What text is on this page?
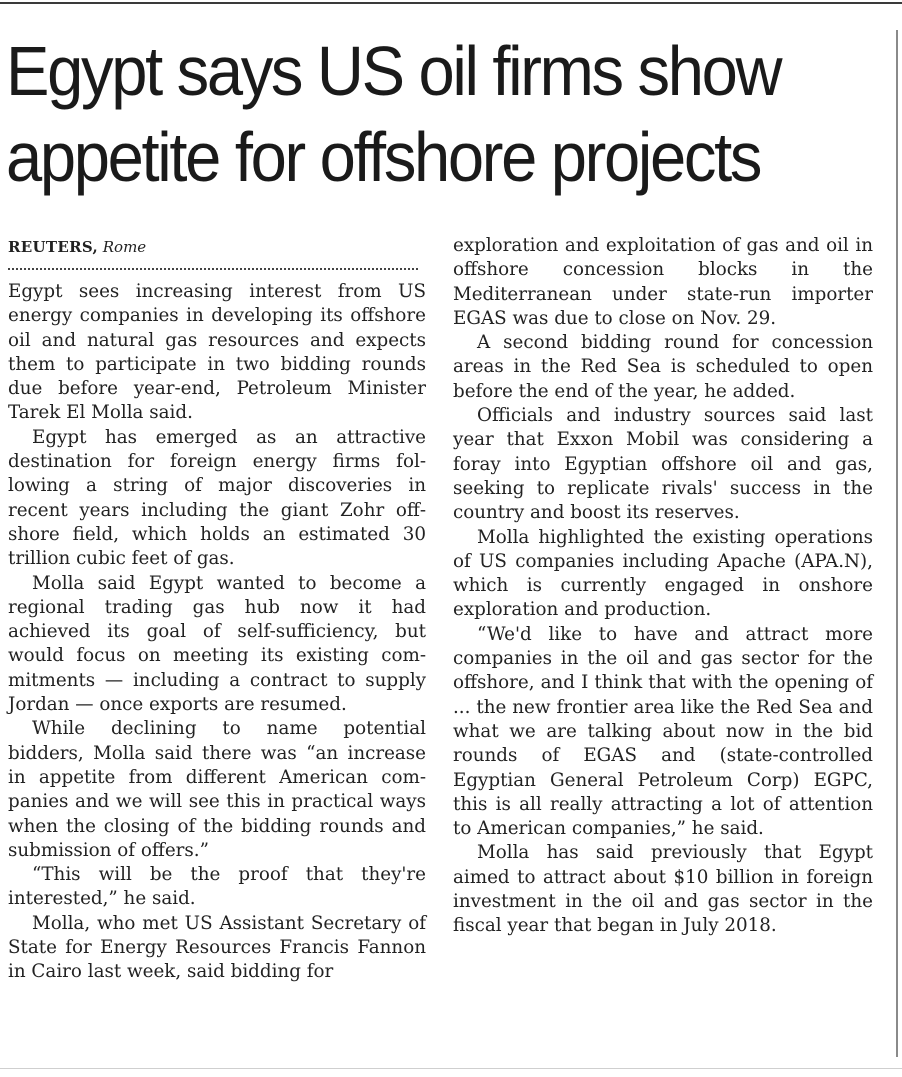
Egypt says US oil firms show
appetite for offshore projects

REUTERS, Rome

Egypt sees increasing interest from US energy companies in developing its offshore oil and natural gas resources and expects them to participate in two bidding rounds due before year-end, Petroleum Minister Tarek El Molla said.

Egypt has emerged as an attractive destination for foreign energy firms following a string of major discoveries in recent years including the giant Zohr offshore field, which holds an estimated 30 trillion cubic feet of gas.

Molla said Egypt wanted to become a regional trading gas hub now it had achieved its goal of self-sufficiency, but would focus on meeting its existing commitments — including a contract to supply Jordan — once exports are resumed.

While declining to name potential bidders, Molla said there was “an increase in appetite from different American companies and we will see this in practical ways when the closing of the bidding rounds and submission of offers.”

“This will be the proof that they're interested,” he said.

Molla, who met US Assistant Secretary of State for Energy Resources Francis Fannon in Cairo last week, said bidding for

exploration and exploitation of gas and oil in offshore concession blocks in the Mediterranean under state-run importer EGAS was due to close on Nov. 29.

A second bidding round for concession areas in the Red Sea is scheduled to open before the end of the year, he added.

Officials and industry sources said last year that Exxon Mobil was considering a foray into Egyptian offshore oil and gas, seeking to replicate rivals' success in the country and boost its reserves.

Molla highlighted the existing operations of US companies including Apache (APA.N), which is currently engaged in onshore exploration and production.

“We'd like to have and attract more companies in the oil and gas sector for the offshore, and I think that with the opening of ... the new frontier area like the Red Sea and what we are talking about now in the bid rounds of EGAS and (state-controlled Egyptian General Petroleum Corp) EGPC, this is all really attracting a lot of attention to American companies,” he said.

Molla has said previously that Egypt aimed to attract about $10 billion in foreign investment in the oil and gas sector in the fiscal year that began in July 2018.
